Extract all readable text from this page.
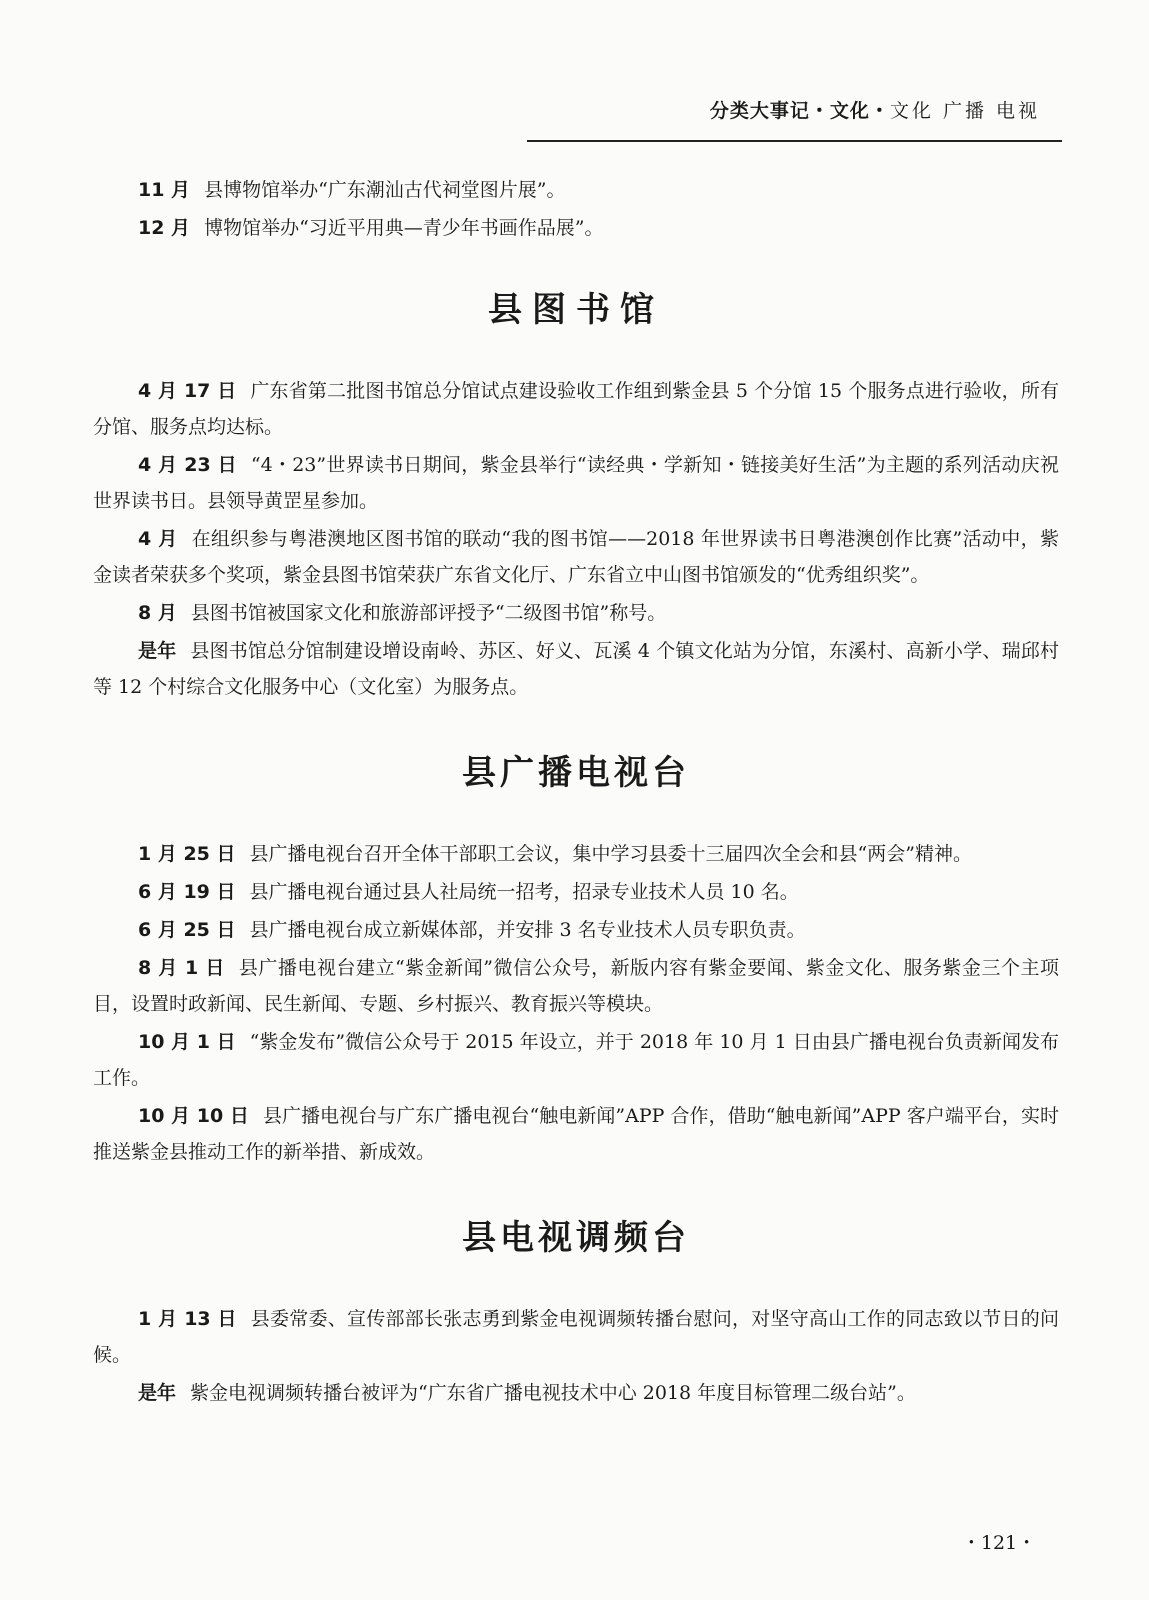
分类大事记・文化・文化 广播 电视

11 月 县博物馆举办“广东潮汕古代祠堂图片展”。

12 月 博物馆举办“习近平用典—青少年书画作品展”。

县图书馆

4 月 17 日 广东省第二批图书馆总分馆试点建设验收工作组到紫金县 5 个分馆 15 个服务点进行验收，所有分馆、服务点均达标。

4 月 23 日 “4・23”世界读书日期间，紫金县举行“读经典・学新知・链接美好生活”为主题的系列活动庆祝世界读书日。县领导黄罡星参加。

4 月 在组织参与粤港澳地区图书馆的联动“我的图书馆——2018 年世界读书日粤港澳创作比赛”活动中，紫金读者荣获多个奖项，紫金县图书馆荣获广东省文化厅、广东省立中山图书馆颁发的“优秀组织奖”。

8 月 县图书馆被国家文化和旅游部评授予“二级图书馆”称号。

是年 县图书馆总分馆制建设增设南岭、苏区、好义、瓦溪 4 个镇文化站为分馆，东溪村、高新小学、瑞邱村等 12 个村综合文化服务中心（文化室）为服务点。

县广播电视台

1 月 25 日 县广播电视台召开全体干部职工会议，集中学习县委十三届四次全会和县“两会”精神。

6 月 19 日 县广播电视台通过县人社局统一招考，招录专业技术人员 10 名。

6 月 25 日 县广播电视台成立新媒体部，并安排 3 名专业技术人员专职负责。

8 月 1 日 县广播电视台建立“紫金新闻”微信公众号，新版内容有紫金要闻、紫金文化、服务紫金三个主项目，设置时政新闻、民生新闻、专题、乡村振兴、教育振兴等模块。

10 月 1 日 “紫金发布”微信公众号于 2015 年设立，并于 2018 年 10 月 1 日由县广播电视台负责新闻发布工作。

10 月 10 日 县广播电视台与广东广播电视台“触电新闻”APP 合作，借助“触电新闻”APP 客户端平台，实时推送紫金县推动工作的新举措、新成效。

县电视调频台

1 月 13 日 县委常委、宣传部部长张志勇到紫金电视调频转播台慰问，对坚守高山工作的同志致以节日的问候。

是年 紫金电视调频转播台被评为“广东省广播电视技术中心 2018 年度目标管理二级台站”。

・121・
